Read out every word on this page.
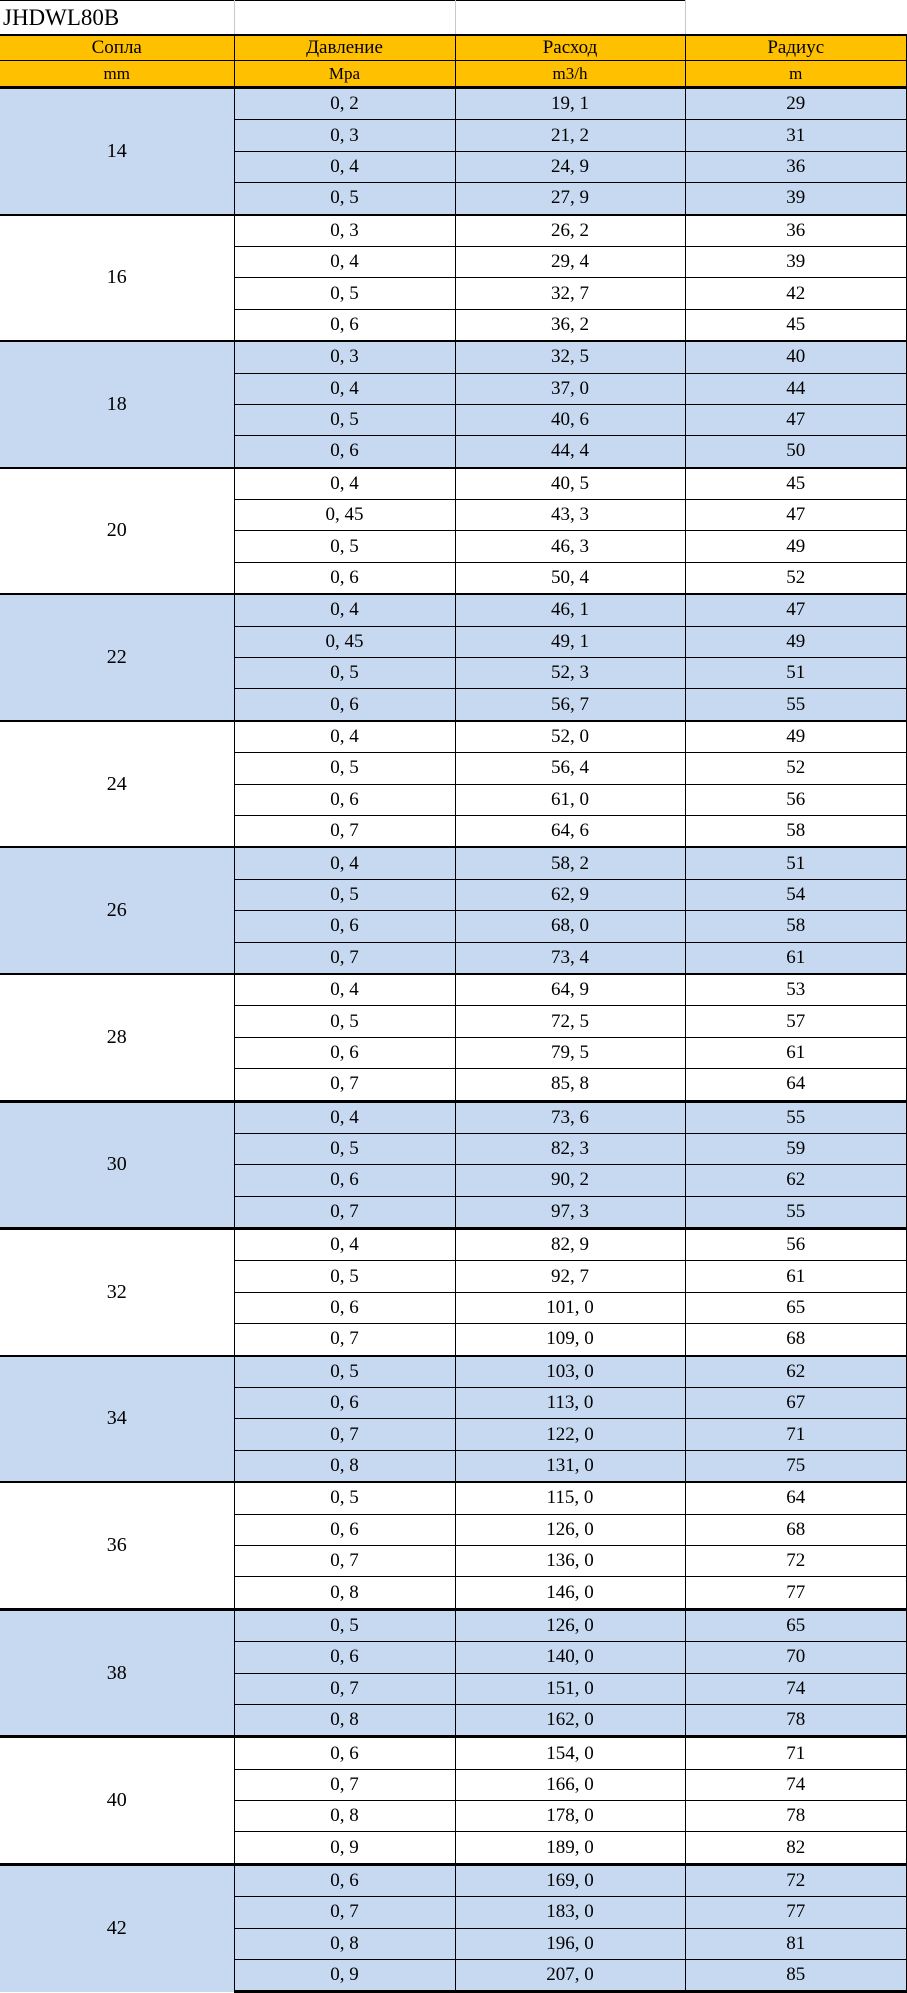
JHDWL80B			
Сопла	Давление	Расход	Радиус
mm	Mpa	m3/h	m
14	0, 2	19, 1	29
	0, 3	21, 2	31
	0, 4	24, 9	36
	0, 5	27, 9	39
16	0, 3	26, 2	36
	0, 4	29, 4	39
	0, 5	32, 7	42
	0, 6	36, 2	45
18	0, 3	32, 5	40
	0, 4	37, 0	44
	0, 5	40, 6	47
	0, 6	44, 4	50
20	0, 4	40, 5	45
	0, 45	43, 3	47
	0, 5	46, 3	49
	0, 6	50, 4	52
22	0, 4	46, 1	47
	0, 45	49, 1	49
	0, 5	52, 3	51
	0, 6	56, 7	55
24	0, 4	52, 0	49
	0, 5	56, 4	52
	0, 6	61, 0	56
	0, 7	64, 6	58
26	0, 4	58, 2	51
	0, 5	62, 9	54
	0, 6	68, 0	58
	0, 7	73, 4	61
28	0, 4	64, 9	53
	0, 5	72, 5	57
	0, 6	79, 5	61
	0, 7	85, 8	64
30	0, 4	73, 6	55
	0, 5	82, 3	59
	0, 6	90, 2	62
	0, 7	97, 3	55
32	0, 4	82, 9	56
	0, 5	92, 7	61
	0, 6	101, 0	65
	0, 7	109, 0	68
34	0, 5	103, 0	62
	0, 6	113, 0	67
	0, 7	122, 0	71
	0, 8	131, 0	75
36	0, 5	115, 0	64
	0, 6	126, 0	68
	0, 7	136, 0	72
	0, 8	146, 0	77
38	0, 5	126, 0	65
	0, 6	140, 0	70
	0, 7	151, 0	74
	0, 8	162, 0	78
40	0, 6	154, 0	71
	0, 7	166, 0	74
	0, 8	178, 0	78
	0, 9	189, 0	82
42	0, 6	169, 0	72
	0, 7	183, 0	77
	0, 8	196, 0	81
	0, 9	207, 0	85
